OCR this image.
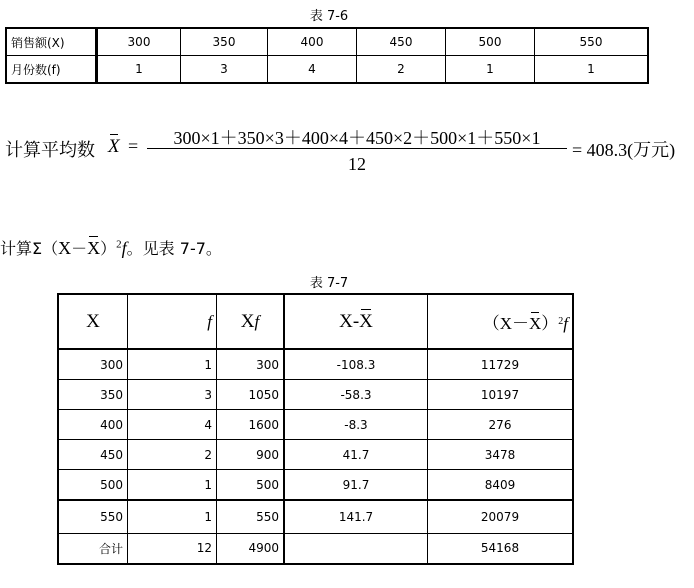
表 7-6
销售额(X)		300	350	400	450	500	550
月份数(f)		1	3	4	2	1	1
计算平均数 X =	300×1＋350×3＋400×4＋450×2＋500×1＋550×1
12
= 408.3(万元)
计算$\Sigma(X-X)^2f$。见表 7-7。
表 7-7
X	f	Xf	X-X	$(X-X)^2f$
300	1	300	-108.3	11729
350	3	1050	-58.3	10197
400	4	1600	-8.3	276
450	2	900	41.7	3478
500	1	500	91.7	8409
550	1	550	141.7	20079
合计	12	4900		54168
